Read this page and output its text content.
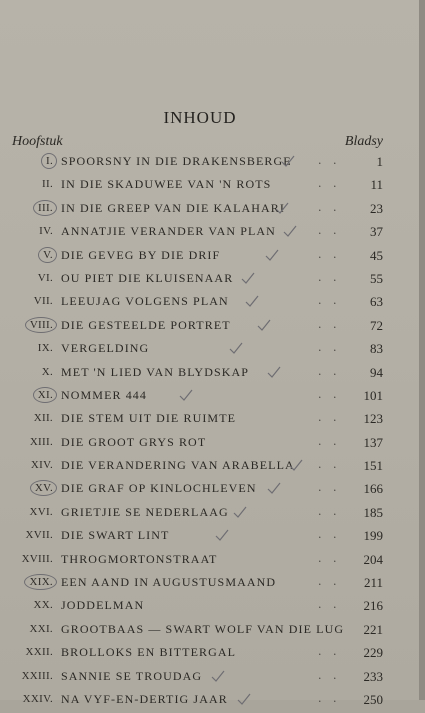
INHOUD
Hoofstuk	Bladsy
I. SPOORSNY IN DIE DRAKENSBERGE . .	1
II. IN DIE SKADUWEE VAN 'N ROTS	. . 11
III. IN DIE GREEP VAN DIE KALAHARI	. . 23
IV. ANNATJIE VERANDER VAN PLAN	. . 37
V. DIE GEVEG BY DIE DRIF	. . 45
VI. OU PIET DIE KLUISENAAR	. . 55
VII. LEEUJAG VOLGENS PLAN	. . 63
VIII. DIE GESTEELDE PORTRET	. . 72
IX. VERGELDING	. . 83
X. MET 'N LIED VAN BLYDSKAP	. . 94
XI. NOMMER 444	. . 101
XII. DIE STEM UIT DIE RUIMTE	. . 123
XIII. DIE GROOT GRYS ROT	. . 137
XIV. DIE VERANDERING VAN ARABELLA . . 151
XV. DIE GRAF OP KINLOCHLEVEN	. . 166
XVI. GRIETJIE SE NEDERLAAG	. . 185
XVII. DIE SWART LINT	. . 199
XVIII. THROGMORTONSTRAAT	. . 204
XIX. EEN AAND IN AUGUSTUSMAAND	. . 211
XX. JODDELMAN	. . 216
XXI. GROOTBAAS — SWART WOLF VAN DIE LUG 221
XXII. BROLLOKS EN BITTERGAL	. . 229
XXIII. SANNIE SE TROUDAG	. . 233
XXIV. NA VYF-EN-DERTIG JAAR	. . 250
